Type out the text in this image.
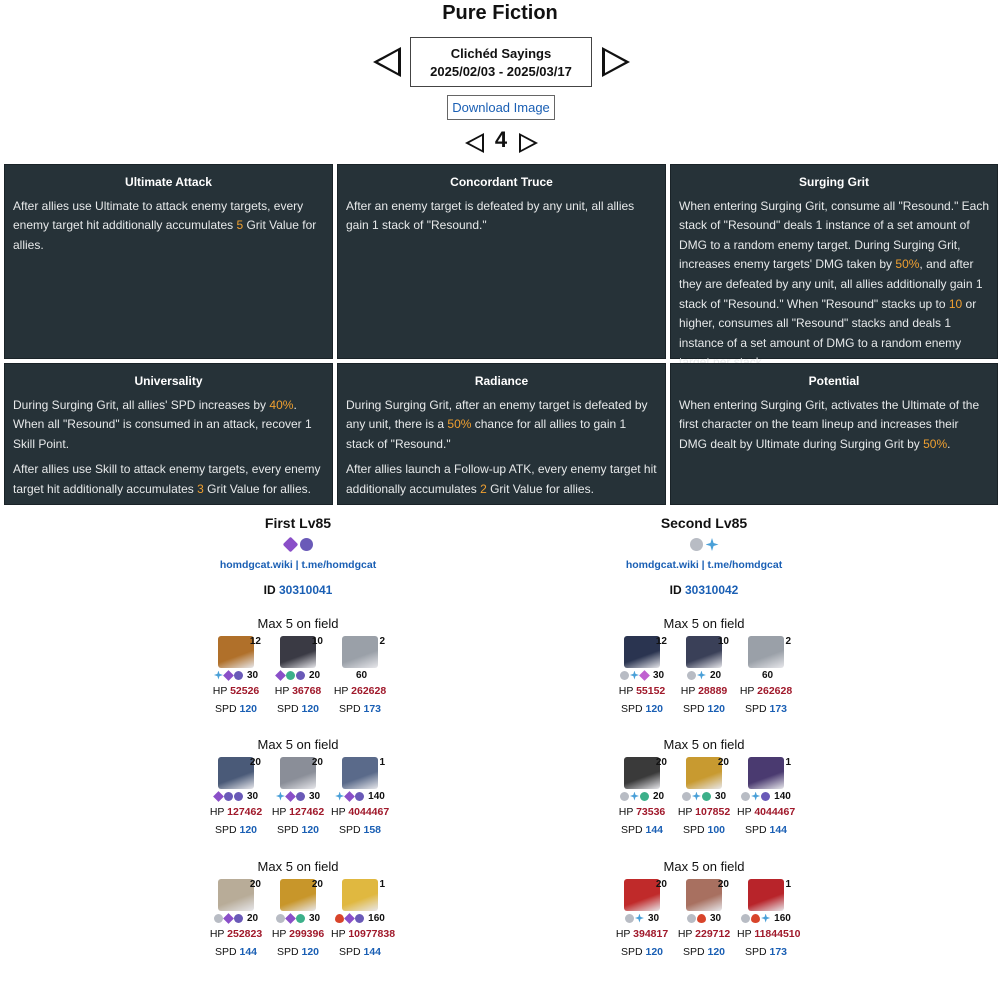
Pure Fiction
Clichéd Sayings
2025/02/03 - 2025/03/17
Download Image
4
Ultimate Attack

After allies use Ultimate to attack enemy targets, every enemy target hit additionally accumulates 5 Grit Value for allies.

Concordant Truce

After an enemy target is defeated by any unit, all allies gain 1 stack of "Resound."

Surging Grit

When entering Surging Grit, consume all "Resound." Each stack of "Resound" deals 1 instance of a set amount of DMG to a random enemy target. During Surging Grit, increases enemy targets' DMG taken by 50%, and after they are defeated by any unit, all allies additionally gain 1 stack of "Resound." When "Resound" stacks up to 10 or higher, consumes all "Resound" stacks and deals 1 instance of a set amount of DMG to a random enemy

Universality

During Surging Grit, all allies' SPD increases by 40%. When all "Resound" is consumed in an attack, recover 1 Skill Point.

After allies use Skill to attack enemy targets, every enemy target hit additionally accumulates 3 Grit Value for allies.

Radiance

During Surging Grit, after an enemy target is defeated by any unit, there is a 50% chance for all allies to gain 1 stack of "Resound."

After allies launch a Follow-up ATK, every enemy target hit additionally accumulates 2 Grit Value for allies.

Potential

When entering Surging Grit, activates the Ultimate of the first character on the team lineup and increases their DMG dealt by Ultimate during Surging Grit by 50%.

First Lv85
homdgcat.wiki | t.me/homdgcat
ID 30310041
Max 5 on field
12
30
HP 52526
SPD 120
10
20
HP 36768
SPD 120
2
60
HP 262628
SPD 173
Max 5 on field
20
30
HP 127462
SPD 120
20
30
HP 127462
SPD 120
1
140
HP 4044467
SPD 158
Max 5 on field
20
20
HP 252823
SPD 144
20
30
HP 299396
SPD 120
1
160
HP 10977838
SPD 144
Second Lv85
homdgcat.wiki | t.me/homdgcat
ID 30310042
Max 5 on field
12
30
HP 55152
SPD 120
10
20
HP 28889
SPD 120
2
60
HP 262628
SPD 173
Max 5 on field
20
20
HP 73536
SPD 144
20
30
HP 107852
SPD 100
1
140
HP 4044467
SPD 144
Max 5 on field
20
30
HP 394817
SPD 120
20
30
HP 229712
SPD 120
1
160
HP 11844510
SPD 173
